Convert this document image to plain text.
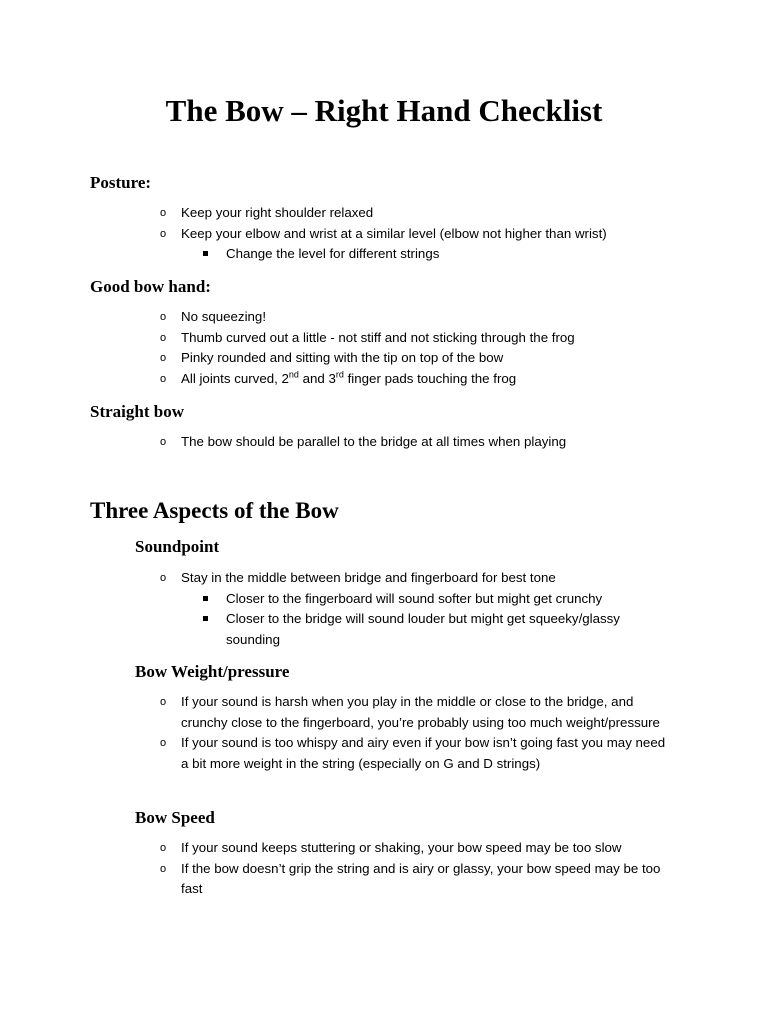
The Bow – Right Hand Checklist
Posture:
o Keep your right shoulder relaxed
o Keep your elbow and wrist at a similar level (elbow not higher than wrist)
Change the level for different strings
Good bow hand:
o No squeezing!
o Thumb curved out a little - not stiff and not sticking through the frog
o Pinky rounded and sitting with the tip on top of the bow
o All joints curved, 2nd and 3rd finger pads touching the frog
Straight bow
o The bow should be parallel to the bridge at all times when playing
Three Aspects of the Bow
Soundpoint
o Stay in the middle between bridge and fingerboard for best tone
Closer to the fingerboard will sound softer but might get crunchy
Closer to the bridge will sound louder but might get squeeky/glassy sounding
Bow Weight/pressure
o If your sound is harsh when you play in the middle or close to the bridge, and crunchy close to the fingerboard, you’re probably using too much weight/pressure
o If your sound is too whispy and airy even if your bow isn’t going fast you may need a bit more weight in the string (especially on G and D strings)
Bow Speed
o If your sound keeps stuttering or shaking, your bow speed may be too slow
o If the bow doesn’t grip the string and is airy or glassy, your bow speed may be too fast
